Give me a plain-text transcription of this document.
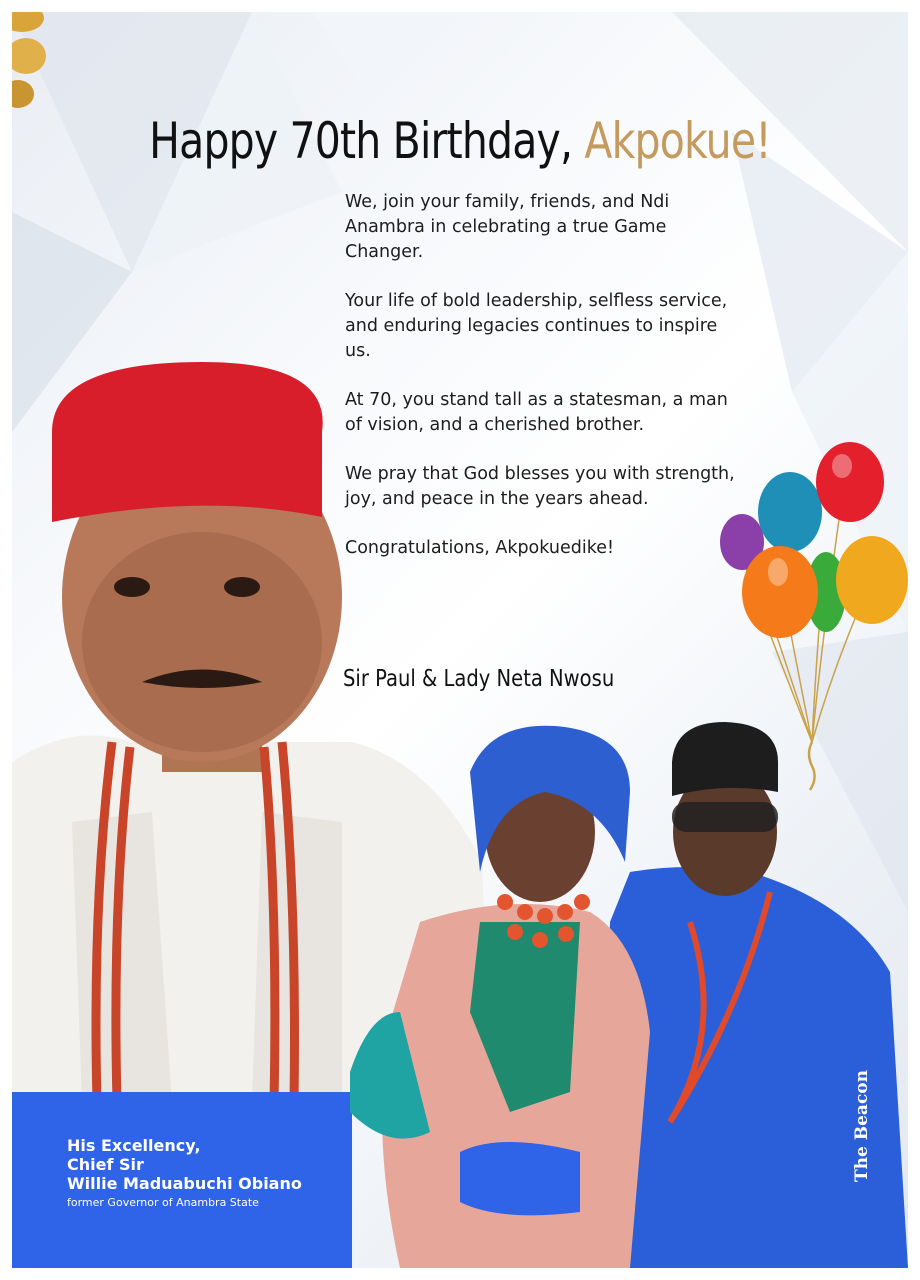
Happy 70th Birthday, Akpokue!

We, join your family, friends, and Ndi Anambra in celebrating a true Game Changer.

Your life of bold leadership, selfless service, and enduring legacies continues to inspire us.

At 70, you stand tall as a statesman, a man of vision, and a cherished brother.

We pray that God blesses you with strength, joy, and peace in the years ahead.

Congratulations, Akpokuedike!

Sir Paul & Lady Neta Nwosu
His Excellency,
Chief Sir
Willie Maduabuchi Obiano
former Governor of Anambra State
The Beacon
